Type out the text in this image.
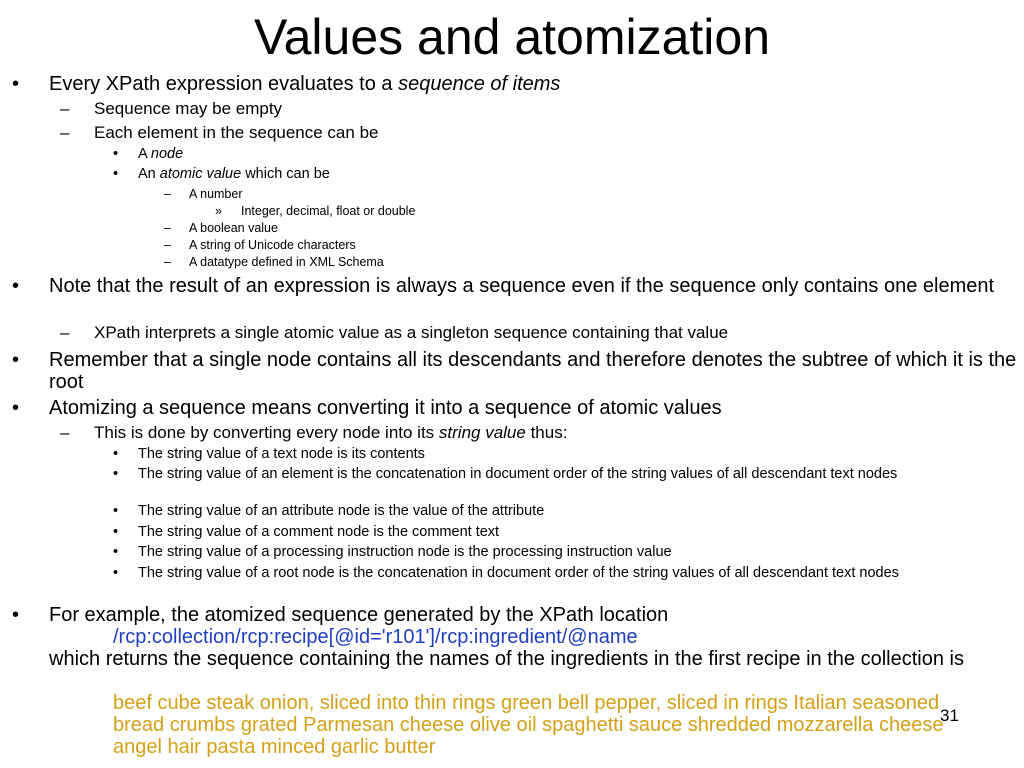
Values and atomization
• Every XPath expression evaluates to a sequence of items
– Sequence may be empty
– Each element in the sequence can be
• A node
• An atomic value which can be
– A number
» Integer, decimal, float or double
– A boolean value
– A string of Unicode characters
– A datatype defined in XML Schema
• Note that the result of an expression is always a sequence even if the sequence only contains one element
– XPath interprets a single atomic value as a singleton sequence containing that value
• Remember that a single node contains all its descendants and therefore denotes the subtree of which it is the root
• Atomizing a sequence means converting it into a sequence of atomic values
– This is done by converting every node into its string value thus:
• The string value of a text node is its contents
• The string value of an element is the concatenation in document order of the string values of all descendant text nodes
• The string value of an attribute node is the value of the attribute
• The string value of a comment node is the comment text
• The string value of a processing instruction node is the processing instruction value
• The string value of a root node is the concatenation in document order of the string values of all descendant text nodes
• For example, the atomized sequence generated by the XPath location
/rcp:collection/rcp:recipe[@id='r101']/rcp:ingredient/@name
which returns the sequence containing the names of the ingredients in the first recipe in the collection is
beef cube steak onion, sliced into thin rings green bell pepper, sliced in rings Italian seasoned bread crumbs grated Parmesan cheese olive oil spaghetti sauce shredded mozzarella cheese angel hair pasta minced garlic butter
31
